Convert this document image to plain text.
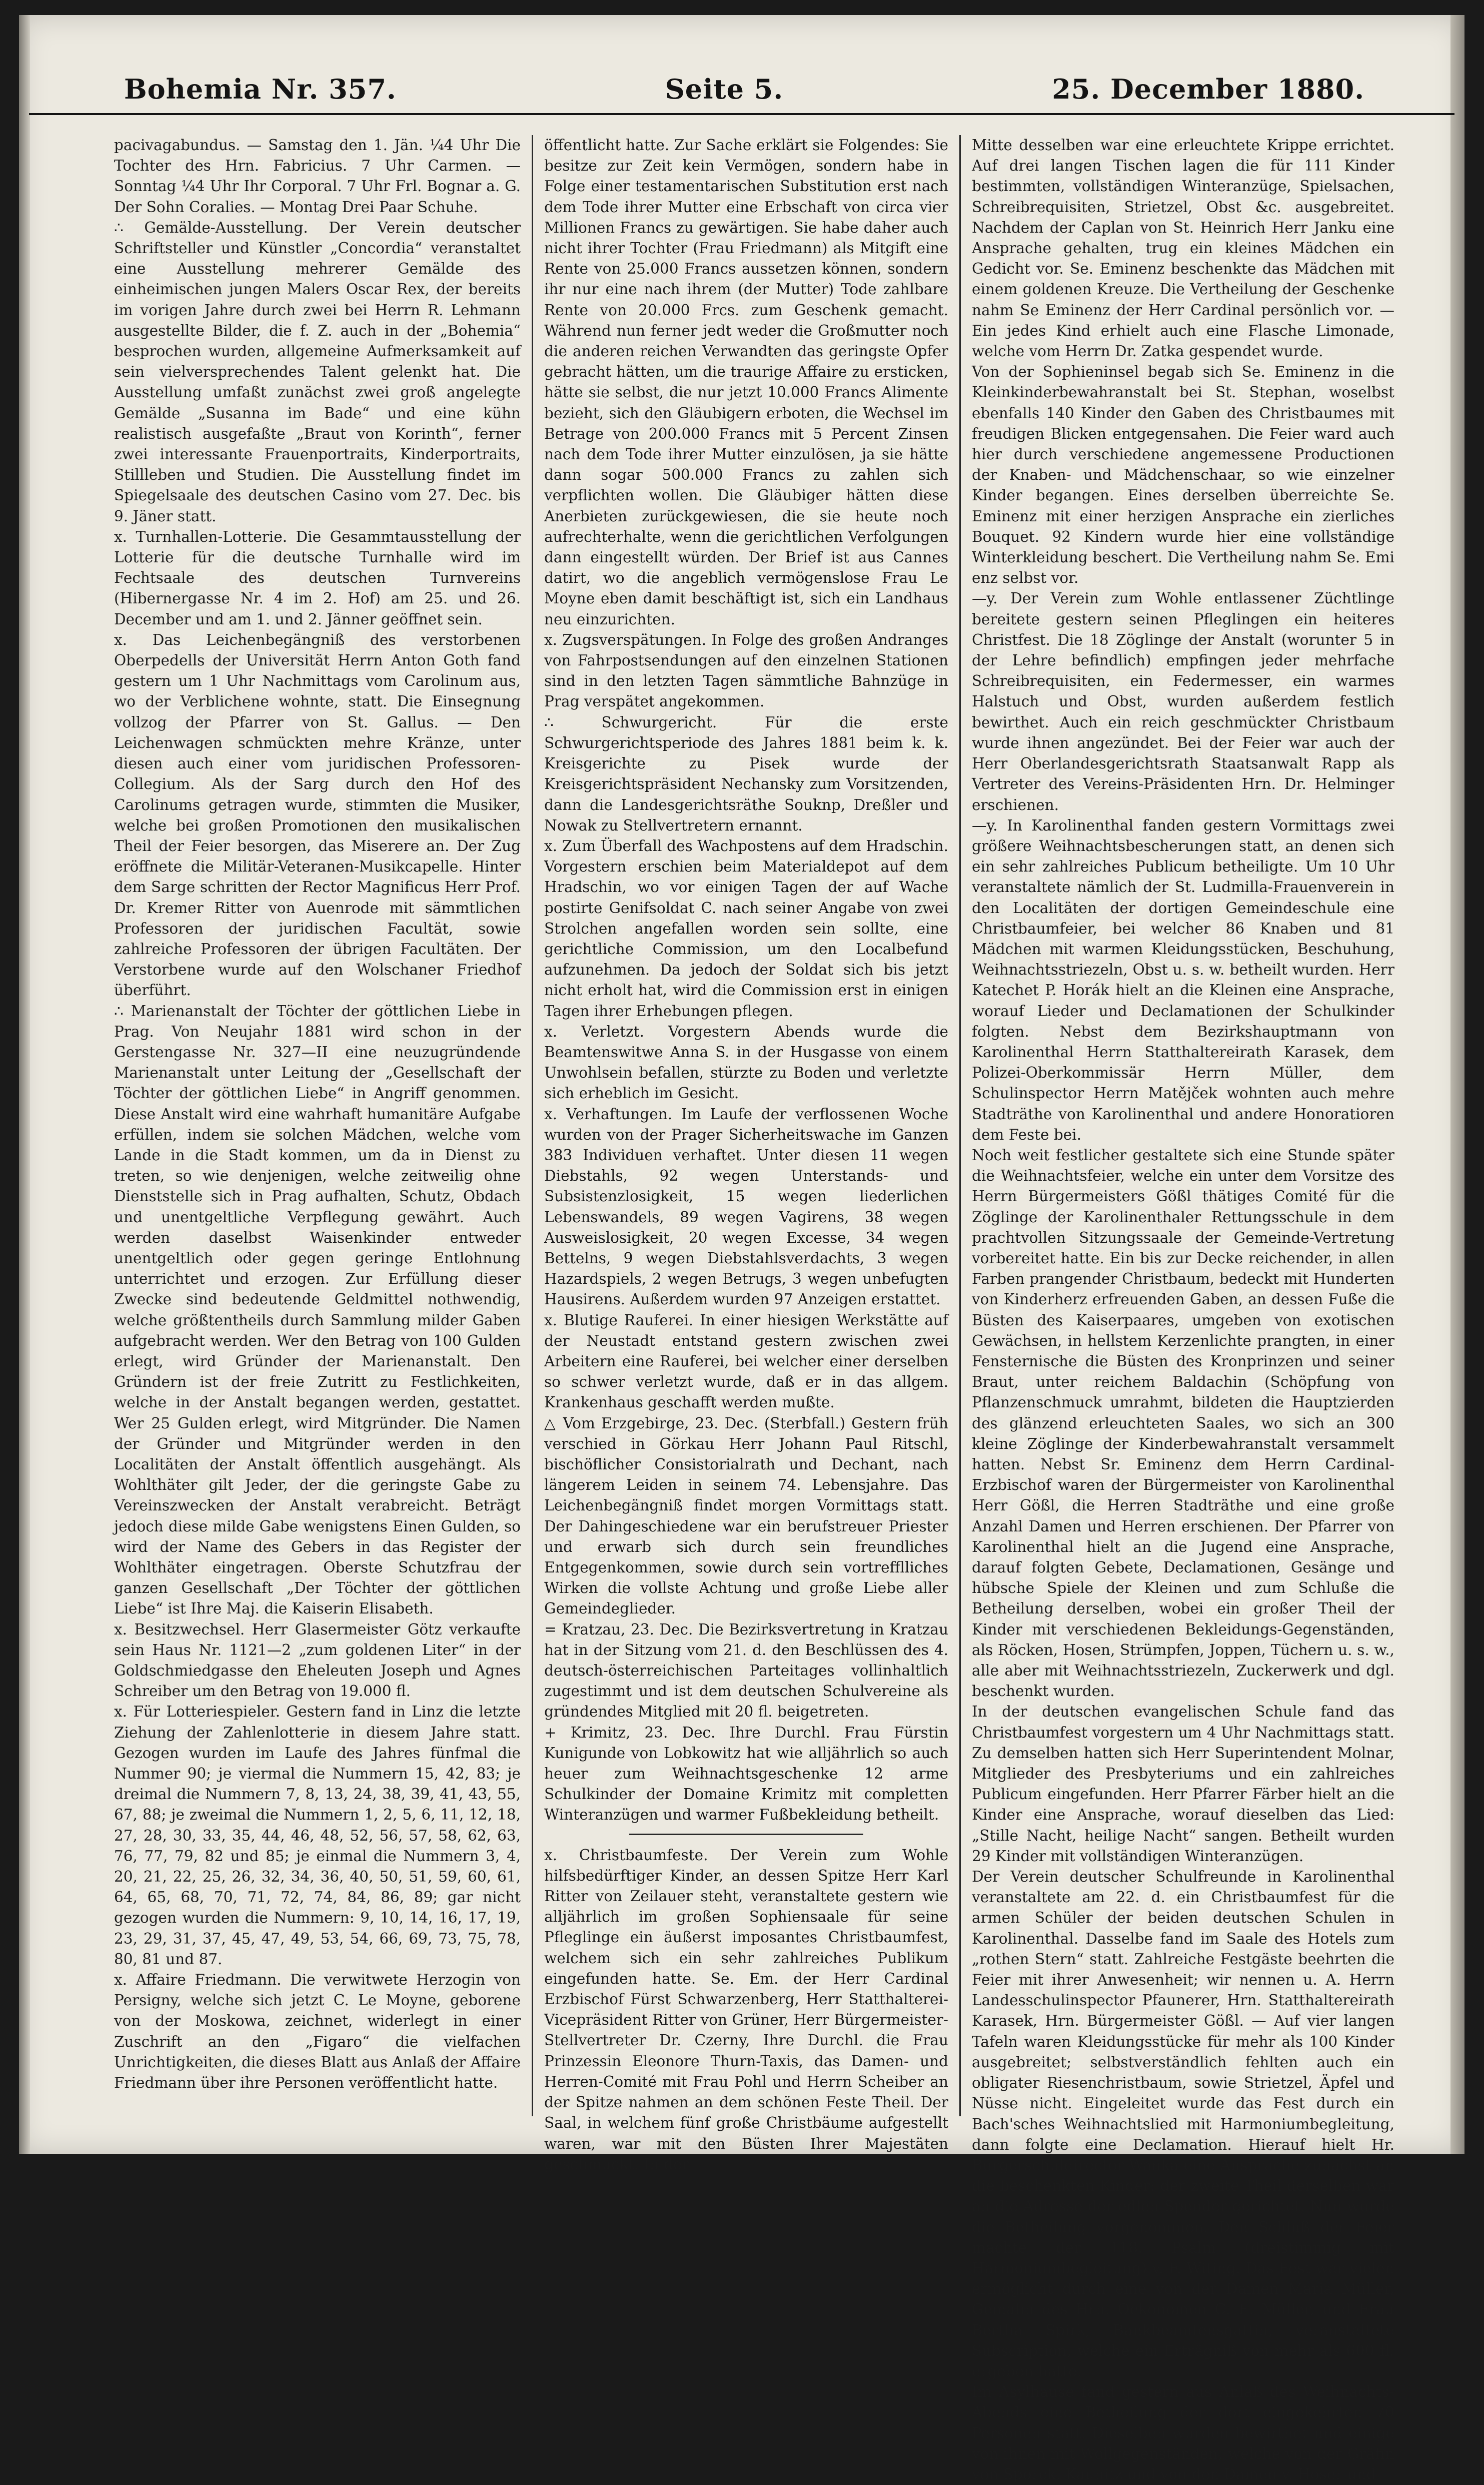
Bohemia Nr. 357.	Seite 5.	25. December 1880.

pacivagabundus. — Samstag den 1. Jän. ¼4 Uhr Die Tochter des Hrn. Fabricius. 7 Uhr Carmen. — Sonntag ¼4 Uhr Ihr Corporal. 7 Uhr Frl. Bognar a. G. Der Sohn Coralies. — Montag Drei Paar Schuhe.

∴ Gemälde-Ausstellung. Der Verein deutscher Schriftsteller und Künstler „Concordia“ veranstaltet eine Ausstellung mehrerer Gemälde des einheimischen jungen Malers Oscar Rex, der bereits im vorigen Jahre durch zwei bei Herrn R. Lehmann ausgestellte Bilder, die f. Z. auch in der „Bohemia“ besprochen wurden, allgemeine Aufmerksamkeit auf sein vielversprechendes Talent gelenkt hat. Die Ausstellung umfaßt zunächst zwei groß angelegte Gemälde „Susanna im Bade“ und eine kühn realistisch ausgefaßte „Braut von Korinth“, ferner zwei interessante Frauenportraits, Kinderportraits, Stillleben und Studien. Die Ausstellung findet im Spiegelsaale des deutschen Casino vom 27. Dec. bis 9. Jäner statt.

x. Turnhallen-Lotterie. Die Gesammtausstellung der Lotterie für die deutsche Turnhalle wird im Fechtsaale des deutschen Turnvereins (Hibernergasse Nr. 4 im 2. Hof) am 25. und 26. December und am 1. und 2. Jänner geöffnet sein.

x. Das Leichenbegängniß des verstorbenen Oberpedells der Universität Herrn Anton Goth fand gestern um 1 Uhr Nachmittags vom Carolinum aus, wo der Verblichene wohnte, statt. Die Einsegnung vollzog der Pfarrer von St. Gallus. — Den Leichenwagen schmückten mehre Kränze, unter diesen auch einer vom juridischen Professoren-Collegium. Als der Sarg durch den Hof des Carolinums getragen wurde, stimmten die Musiker, welche bei großen Promotionen den musikalischen Theil der Feier besorgen, das Miserere an. Der Zug eröffnete die Militär-Veteranen-Musikcapelle. Hinter dem Sarge schritten der Rector Magnificus Herr Prof. Dr. Kremer Ritter von Auenrode mit sämmtlichen Professoren der juridischen Facultät, sowie zahlreiche Professoren der übrigen Facultäten. Der Verstorbene wurde auf den Wolschaner Friedhof überführt.

∴ Marienanstalt der Töchter der göttlichen Liebe in Prag. Von Neujahr 1881 wird schon in der Gerstengasse Nr. 327—II eine neuzugründende Marienanstalt unter Leitung der „Gesellschaft der Töchter der göttlichen Liebe“ in Angriff genommen. Diese Anstalt wird eine wahrhaft humanitäre Aufgabe erfüllen, indem sie solchen Mädchen, welche vom Lande in die Stadt kommen, um da in Dienst zu treten, so wie denjenigen, welche zeitweilig ohne Dienststelle sich in Prag aufhalten, Schutz, Obdach und unentgeltliche Verpflegung gewährt. Auch werden daselbst Waisenkinder entweder unentgeltlich oder gegen geringe Entlohnung unterrichtet und erzogen. Zur Erfüllung dieser Zwecke sind bedeutende Geldmittel nothwendig, welche größtentheils durch Sammlung milder Gaben aufgebracht werden. Wer den Betrag von 100 Gulden erlegt, wird Gründer der Marienanstalt. Den Gründern ist der freie Zutritt zu Festlichkeiten, welche in der Anstalt begangen werden, gestattet. Wer 25 Gulden erlegt, wird Mitgründer. Die Namen der Gründer und Mitgründer werden in den Localitäten der Anstalt öffentlich ausgehängt. Als Wohlthäter gilt Jeder, der die geringste Gabe zu Vereinszwecken der Anstalt verabreicht. Beträgt jedoch diese milde Gabe wenigstens Einen Gulden, so wird der Name des Gebers in das Register der Wohlthäter eingetragen. Oberste Schutzfrau der ganzen Gesellschaft „Der Töchter der göttlichen Liebe“ ist Ihre Maj. die Kaiserin Elisabeth.

x. Besitzwechsel. Herr Glasermeister Götz verkaufte sein Haus Nr. 1121—2 „zum goldenen Liter“ in der Goldschmiedgasse den Eheleuten Joseph und Agnes Schreiber um den Betrag von 19.000 fl.

x. Für Lotteriespieler. Gestern fand in Linz die letzte Ziehung der Zahlenlotterie in diesem Jahre statt. Gezogen wurden im Laufe des Jahres fünfmal die Nummer 90; je viermal die Nummern 15, 42, 83; je dreimal die Nummern 7, 8, 13, 24, 38, 39, 41, 43, 55, 67, 88; je zweimal die Nummern 1, 2, 5, 6, 11, 12, 18, 27, 28, 30, 33, 35, 44, 46, 48, 52, 56, 57, 58, 62, 63, 76, 77, 79, 82 und 85; je einmal die Nummern 3, 4, 20, 21, 22, 25, 26, 32, 34, 36, 40, 50, 51, 59, 60, 61, 64, 65, 68, 70, 71, 72, 74, 84, 86, 89; gar nicht gezogen wurden die Nummern: 9, 10, 14, 16, 17, 19, 23, 29, 31, 37, 45, 47, 49, 53, 54, 66, 69, 73, 75, 78, 80, 81 und 87.

x. Affaire Friedmann. Die verwitwete Herzogin von Persigny, welche sich jetzt C. Le Moyne, geborene von der Moskowa, zeichnet, widerlegt in einer Zuschrift an den „Figaro“ die vielfachen Unrichtigkeiten, die dieses Blatt aus Anlaß der Affaire Friedmann über ihre Personen veröffentlicht hatte.

öffentlicht hatte. Zur Sache erklärt sie Folgendes: Sie besitze zur Zeit kein Vermögen, sondern habe in Folge einer testamentarischen Substitution erst nach dem Tode ihrer Mutter eine Erbschaft von circa vier Millionen Francs zu gewärtigen. Sie habe daher auch nicht ihrer Tochter (Frau Friedmann) als Mitgift eine Rente von 25.000 Francs aussetzen können, sondern ihr nur eine nach ihrem (der Mutter) Tode zahlbare Rente von 20.000 Frcs. zum Geschenk gemacht. Während nun ferner jedt weder die Großmutter noch die anderen reichen Verwandten das geringste Opfer gebracht hätten, um die traurige Affaire zu ersticken, hätte sie selbst, die nur jetzt 10.000 Francs Alimente bezieht, sich den Gläubigern erboten, die Wechsel im Betrage von 200.000 Francs mit 5 Percent Zinsen nach dem Tode ihrer Mutter einzulösen, ja sie hätte dann sogar 500.000 Francs zu zahlen sich verpflichten wollen. Die Gläubiger hätten diese Anerbieten zurückgewiesen, die sie heute noch aufrechterhalte, wenn die gerichtlichen Verfolgungen dann eingestellt würden. Der Brief ist aus Cannes datirt, wo die angeblich vermögenslose Frau Le Moyne eben damit beschäftigt ist, sich ein Landhaus neu einzurichten.

x. Zugsverspätungen. In Folge des großen Andranges von Fahrpostsendungen auf den einzelnen Stationen sind in den letzten Tagen sämmtliche Bahnzüge in Prag verspätet angekommen.

∴ Schwurgericht. Für die erste Schwurgerichtsperiode des Jahres 1881 beim k. k. Kreisgerichte zu Pisek wurde der Kreisgerichtspräsident Nechansky zum Vorsitzenden, dann die Landesgerichtsräthe Souknp, Dreßler und Nowak zu Stellvertretern ernannt.

x. Zum Überfall des Wachpostens auf dem Hradschin. Vorgestern erschien beim Materialdepot auf dem Hradschin, wo vor einigen Tagen der auf Wache postirte Genifsoldat C. nach seiner Angabe von zwei Strolchen angefallen worden sein sollte, eine gerichtliche Commission, um den Localbefund aufzunehmen. Da jedoch der Soldat sich bis jetzt nicht erholt hat, wird die Commission erst in einigen Tagen ihrer Erhebungen pflegen.

x. Verletzt. Vorgestern Abends wurde die Beamtenswitwe Anna S. in der Husgasse von einem Unwohlsein befallen, stürzte zu Boden und verletzte sich erheblich im Gesicht.

x. Verhaftungen. Im Laufe der verflossenen Woche wurden von der Prager Sicherheitswache im Ganzen 383 Individuen verhaftet. Unter diesen 11 wegen Diebstahls, 92 wegen Unterstands- und Subsistenzlosigkeit, 15 wegen liederlichen Lebenswandels, 89 wegen Vagirens, 38 wegen Ausweislosigkeit, 20 wegen Excesse, 34 wegen Bettelns, 9 wegen Diebstahlsverdachts, 3 wegen Hazardspiels, 2 wegen Betrugs, 3 wegen unbefugten Hausirens. Außerdem wurden 97 Anzeigen erstattet.

x. Blutige Rauferei. In einer hiesigen Werkstätte auf der Neustadt entstand gestern zwischen zwei Arbeitern eine Rauferei, bei welcher einer derselben so schwer verletzt wurde, daß er in das allgem. Krankenhaus geschafft werden mußte.

△ Vom Erzgebirge, 23. Dec. (Sterbfall.) Gestern früh verschied in Görkau Herr Johann Paul Ritschl, bischöflicher Consistorialrath und Dechant, nach längerem Leiden in seinem 74. Lebensjahre. Das Leichenbegängniß findet morgen Vormittags statt. Der Dahingeschiedene war ein berufstreuer Priester und erwarb sich durch sein freundliches Entgegenkommen, sowie durch sein vortrefflliches Wirken die vollste Achtung und große Liebe aller Gemeindeglieder.

= Kratzau, 23. Dec. Die Bezirksvertretung in Kratzau hat in der Sitzung vom 21. d. den Beschlüssen des 4. deutsch-österreichischen Parteitages vollinhaltlich zugestimmt und ist dem deutschen Schulvereine als gründendes Mitglied mit 20 fl. beigetreten.

+ Krimitz, 23. Dec. Ihre Durchl. Frau Fürstin Kunigunde von Lobkowitz hat wie alljährlich so auch heuer zum Weihnachtsgeschenke 12 arme Schulkinder der Domaine Krimitz mit completten Winteranzügen und warmer Fußbekleidung betheilt.

x. Christbaumfeste. Der Verein zum Wohle hilfsbedürftiger Kinder, an dessen Spitze Herr Karl Ritter von Zeilauer steht, veranstaltete gestern wie alljährlich im großen Sophiensaale für seine Pfleglinge ein äußerst imposantes Christbaumfest, welchem sich ein sehr zahlreiches Publikum eingefunden hatte. Se. Em. der Herr Cardinal Erzbischof Fürst Schwarzenberg, Herr Statthalterei-Vicepräsident Ritter von Grüner, Herr Bürgermeister-Stellvertreter Dr. Czerny, Ihre Durchl. die Frau Prinzessin Eleonore Thurn-Taxis, das Damen- und Herren-Comité mit Frau Pohl und Herrn Scheiber an der Spitze nahmen an dem schönen Feste Theil. Der Saal, in welchem fünf große Christbäume aufgestellt waren, war mit den Büsten Ihrer Majestäten geschmückt. In der

Mitte desselben war eine erleuchtete Krippe errichtet. Auf drei langen Tischen lagen die für 111 Kinder bestimmten, vollständigen Winteranzüge, Spielsachen, Schreibrequisiten, Strietzel, Obst &c. ausgebreitet. Nachdem der Caplan von St. Heinrich Herr Janku eine Ansprache gehalten, trug ein kleines Mädchen ein Gedicht vor. Se. Eminenz beschenkte das Mädchen mit einem goldenen Kreuze. Die Vertheilung der Geschenke nahm Se Eminenz der Herr Cardinal persönlich vor. — Ein jedes Kind erhielt auch eine Flasche Limonade, welche vom Herrn Dr. Zatka gespendet wurde.

Von der Sophieninsel begab sich Se. Eminenz in die Kleinkinderbewahranstalt bei St. Stephan, woselbst ebenfalls 140 Kinder den Gaben des Christbaumes mit freudigen Blicken entgegensahen. Die Feier ward auch hier durch verschiedene angemessene Productionen der Knaben- und Mädchenschaar, so wie einzelner Kinder begangen. Eines derselben überreichte Se. Eminenz mit einer herzigen Ansprache ein zierliches Bouquet. 92 Kindern wurde hier eine vollständige Winterkleidung beschert. Die Vertheilung nahm Se. Emi enz selbst vor.

—y. Der Verein zum Wohle entlassener Züchtlinge bereitete gestern seinen Pfleglingen ein heiteres Christfest. Die 18 Zöglinge der Anstalt (worunter 5 in der Lehre befindlich) empfingen jeder mehrfache Schreibrequisiten, ein Federmesser, ein warmes Halstuch und Obst, wurden außerdem festlich bewirthet. Auch ein reich geschmückter Christbaum wurde ihnen angezündet. Bei der Feier war auch der Herr Oberlandesgerichtsrath Staatsanwalt Rapp als Vertreter des Vereins-Präsidenten Hrn. Dr. Helminger erschienen.

—y. In Karolinenthal fanden gestern Vormittags zwei größere Weihnachtsbescherungen statt, an denen sich ein sehr zahlreiches Publicum betheiligte. Um 10 Uhr veranstaltete nämlich der St. Ludmilla-Frauenverein in den Localitäten der dortigen Gemeindeschule eine Christbaumfeier, bei welcher 86 Knaben und 81 Mädchen mit warmen Kleidungsstücken, Beschuhung, Weihnachtsstriezeln, Obst u. s. w. betheilt wurden. Herr Katechet P. Horák hielt an die Kleinen eine Ansprache, worauf Lieder und Declamationen der Schulkinder folgten. Nebst dem Bezirkshauptmann von Karolinenthal Herrn Statthaltereirath Karasek, dem Polizei-Oberkommissär Herrn Müller, dem Schulinspector Herrn Matějček wohnten auch mehre Stadträthe von Karolinenthal und andere Honoratioren dem Feste bei.

Noch weit festlicher gestaltete sich eine Stunde später die Weihnachtsfeier, welche ein unter dem Vorsitze des Herrn Bürgermeisters Gößl thätiges Comité für die Zöglinge der Karolinenthaler Rettungsschule in dem prachtvollen Sitzungssaale der Gemeinde-Vertretung vorbereitet hatte. Ein bis zur Decke reichender, in allen Farben prangender Christbaum, bedeckt mit Hunderten von Kinderherz erfreuenden Gaben, an dessen Fuße die Büsten des Kaiserpaares, umgeben von exotischen Gewächsen, in hellstem Kerzenlichte prangten, in einer Fensternische die Büsten des Kronprinzen und seiner Braut, unter reichem Baldachin (Schöpfung von Pflanzenschmuck umrahmt, bildeten die Hauptzierden des glänzend erleuchteten Saales, wo sich an 300 kleine Zöglinge der Kinderbewahranstalt versammelt hatten. Nebst Sr. Eminenz dem Herrn Cardinal-Erzbischof waren der Bürgermeister von Karolinenthal Herr Gößl, die Herren Stadträthe und eine große Anzahl Damen und Herren erschienen. Der Pfarrer von Karolinenthal hielt an die Jugend eine Ansprache, darauf folgten Gebete, Declamationen, Gesänge und hübsche Spiele der Kleinen und zum Schluße die Betheilung derselben, wobei ein großer Theil der Kinder mit verschiedenen Bekleidungs-Gegenständen, als Röcken, Hosen, Strümpfen, Joppen, Tüchern u. s. w., alle aber mit Weihnachtsstriezeln, Zuckerwerk und dgl. beschenkt wurden.

In der deutschen evangelischen Schule fand das Christbaumfest vorgestern um 4 Uhr Nachmittags statt. Zu demselben hatten sich Herr Superintendent Molnar, Mitglieder des Presbyteriums und ein zahlreiches Publicum eingefunden. Herr Pfarrer Färber hielt an die Kinder eine Ansprache, worauf dieselben das Lied: „Stille Nacht, heilige Nacht“ sangen. Betheilt wurden 29 Kinder mit vollständigen Winteranzügen.

Der Verein deutscher Schulfreunde in Karolinenthal veranstaltete am 22. d. ein Christbaumfest für die armen Schüler der beiden deutschen Schulen in Karolinenthal. Dasselbe fand im Saale des Hotels zum „rothen Stern“ statt. Zahlreiche Festgäste beehrten die Feier mit ihrer Anwesenheit; wir nennen u. A. Herrn Landesschulinspector Pfaunerer, Hrn. Statthaltereirath Karasek, Hrn. Bürgermeister Gößl. — Auf vier langen Tafeln waren Kleidungsstücke für mehr als 100 Kinder ausgebreitet; selbstverständlich fehlten auch ein obligater Riesenchristbaum, sowie Strietzel, Äpfel und Nüsse nicht. Eingeleitet wurde das Fest durch ein Bach'sches Weihnachtslied mit Harmoniumbegleitung, dann folgte eine Declamation. Hierauf hielt Hr. Bürgerschuldirector Wanka eine Ansprache zunächst an die beschenkten Kinder; der zweite Theil derselben war an die Adresse der edlen Spender gerichtet. Nun wurde die Betheilung vorgenommen. Den Schluß der Feier machte der 118. Psalm (dreistimmig mit Harmoniumbegleitung) v. F. Witing. Das Fest war vielen ermöglicht durch eine von der Damen Maria Müller, Gemalin des Hrn. Oekonomen C. E. Müller, und Frau Bertha Spirk, Bankbeamtensgattin, veranstaltete Subscription, welche ein Erträgniß von mehr als 600 fl. ergeben hatte.

Im Asylhause fand gestern aus Anlaß des Weihnachts-Abends eine Betheilung der dort eingekehrten 70 Personen statt. Dieselben wurden bewirthet und einige von ihnen mit Wollgegenständen, welche von der Gräfin von Sporck, Kaunitz und von den Damen v. Hoser und
